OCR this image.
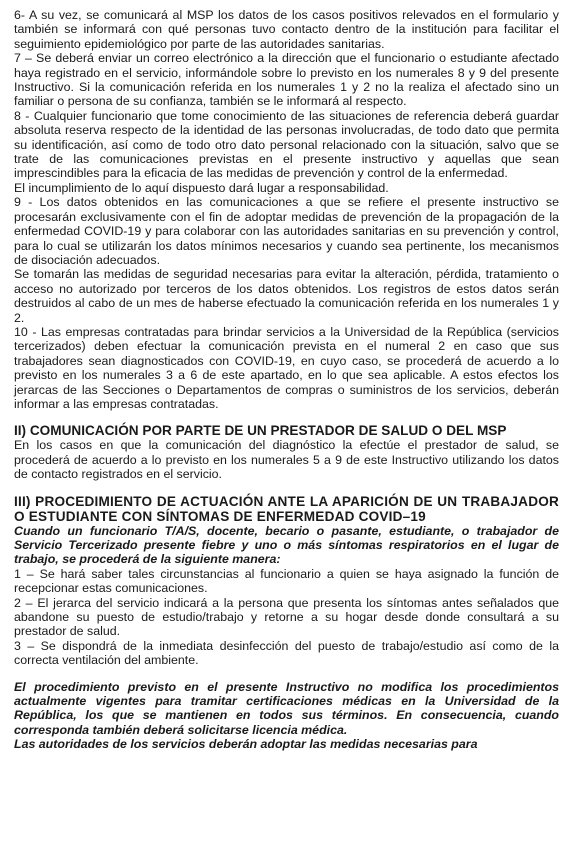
6- A su vez, se comunicará al MSP los datos de los casos positivos relevados en el formulario y también se informará con qué personas tuvo contacto dentro de la institución para facilitar el seguimiento epidemiológico por parte de las autoridades sanitarias.

7 – Se deberá enviar un correo electrónico a la dirección que el funcionario o estudiante afectado haya registrado en el servicio, informándole sobre lo previsto en los numerales 8 y 9 del presente Instructivo. Si la comunicación referida en los numerales 1 y 2 no la realiza el afectado sino un familiar o persona de su confianza, también se le informará al respecto.

8 - Cualquier funcionario que tome conocimiento de las situaciones de referencia deberá guardar absoluta reserva respecto de la identidad de las personas involucradas, de todo dato que permita su identificación, así como de todo otro dato personal relacionado con la situación, salvo que se trate de las comunicaciones previstas en el presente instructivo y aquellas que sean imprescindibles para la eficacia de las medidas de prevención y control de la enfermedad.

El incumplimiento de lo aquí dispuesto dará lugar a responsabilidad.

9 - Los datos obtenidos en las comunicaciones a que se refiere el presente instructivo se procesarán exclusivamente con el fin de adoptar medidas de prevención de la propagación de la enfermedad COVID-19 y para colaborar con las autoridades sanitarias en su prevención y control, para lo cual se utilizarán los datos mínimos necesarios y cuando sea pertinente, los mecanismos de disociación adecuados.

Se tomarán las medidas de seguridad necesarias para evitar la alteración, pérdida, tratamiento o acceso no autorizado por terceros de los datos obtenidos. Los registros de estos datos serán destruidos al cabo de un mes de haberse efectuado la comunicación referida en los numerales 1 y 2.

10 - Las empresas contratadas para brindar servicios a la Universidad de la República (servicios tercerizados) deben efectuar la comunicación prevista en el numeral 2 en caso que sus trabajadores sean diagnosticados con COVID-19, en cuyo caso, se procederá de acuerdo a lo previsto en los numerales 3 a 6 de este apartado, en lo que sea aplicable. A estos efectos los jerarcas de las Secciones o Departamentos de compras o suministros de los servicios, deberán informar a las empresas contratadas.

II) COMUNICACIÓN POR PARTE DE UN PRESTADOR DE SALUD O DEL MSP

En los casos en que la comunicación del diagnóstico la efectúe el prestador de salud, se procederá de acuerdo a lo previsto en los numerales 5 a 9 de este Instructivo utilizando los datos de contacto registrados en el servicio.

III) PROCEDIMIENTO DE ACTUACIÓN ANTE LA APARICIÓN DE UN TRABAJADOR O ESTUDIANTE CON SÍNTOMAS DE ENFERMEDAD COVID–19

Cuando un funcionario T/A/S, docente, becario o pasante, estudiante, o trabajador de Servicio Tercerizado presente fiebre y uno o más síntomas respiratorios en el lugar de trabajo, se procederá de la siguiente manera:

1 – Se hará saber tales circunstancias al funcionario a quien se haya asignado la función de recepcionar estas comunicaciones.

2 – El jerarca del servicio indicará a la persona que presenta los síntomas antes señalados que abandone su puesto de estudio/trabajo y retorne a su hogar desde donde consultará a su prestador de salud.

3 – Se dispondrá de la inmediata desinfección del puesto de trabajo/estudio así como de la correcta ventilación del ambiente.

El procedimiento previsto en el presente Instructivo no modifica los procedimientos actualmente vigentes para tramitar certificaciones médicas en la Universidad de la República, los que se mantienen en todos sus términos. En consecuencia, cuando corresponda también deberá solicitarse licencia médica.

Las autoridades de los servicios deberán adoptar las medidas necesarias para
